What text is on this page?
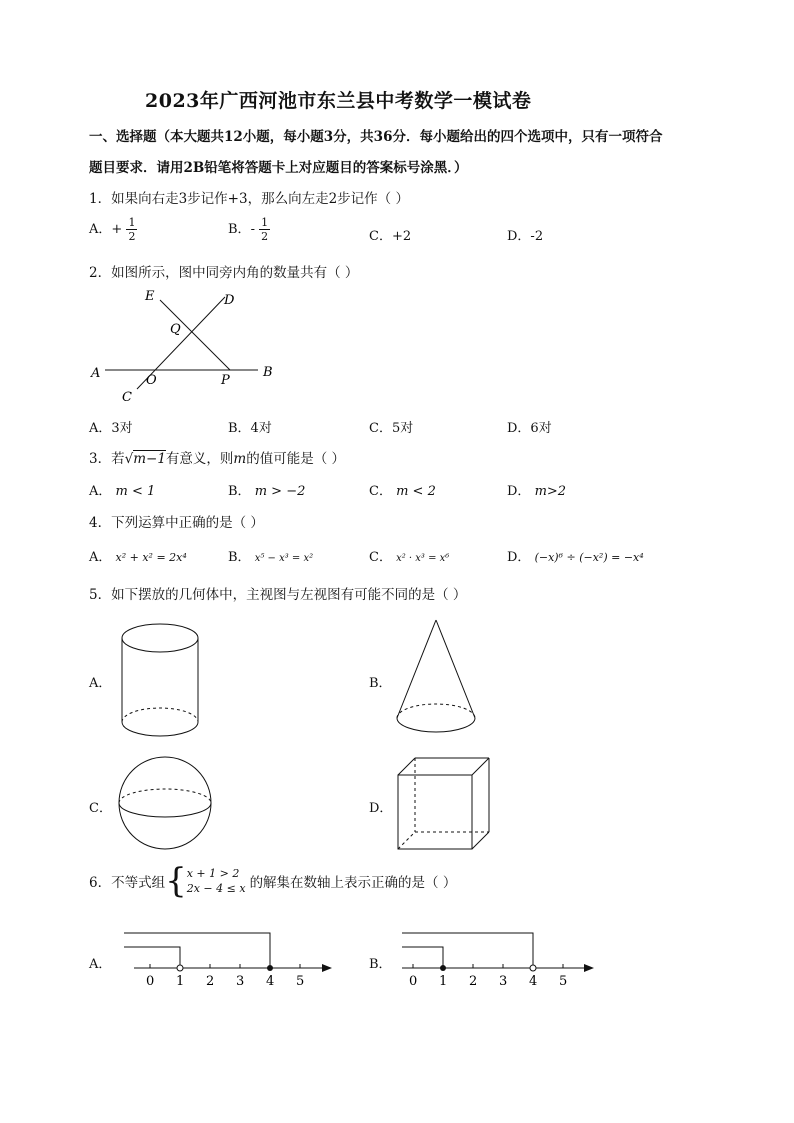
2023年广西河池市东兰县中考数学一模试卷
一、选择题（本大题共12小题，每小题3分，共36分．每小题给出的四个选项中，只有一项符合
题目要求．请用2B铅笔将答题卡上对应题目的答案标号涂黑．）
1．如果向右走3步记作+3，那么向左走2步记作（ ）
A．+ $\frac{1}{2}$	B．- $\frac{1}{2}$	C．+2	D．-2
2．如图所示，图中同旁内角的数量共有（ ）
E	D
Q
A	O	P
B
C
A．3对	B．4对	C．5对	D．6对
3．若√m−1有意义，则m的值可能是（ ）
A． m < 1	B． m > −2	C． m < 2	D． m>2
4．下列运算中正确的是（ ）
A． x² + x² = 2x⁴	B． x⁵ − x³ = x²	C． x² · x³ = x⁶	D． (−x)⁶ ÷ (−x²) = −x⁴
5．如下摆放的几何体中，主视图与左视图有可能不同的是（ ）
A．	B．
C．	D．
6．不等式组{ x + 1 > 2
2x − 4 ≤ x 的解集在数轴上表示正确的是（ ）
A．
0 1 2 3 4 5
B．
0 1 2 3 4 5
